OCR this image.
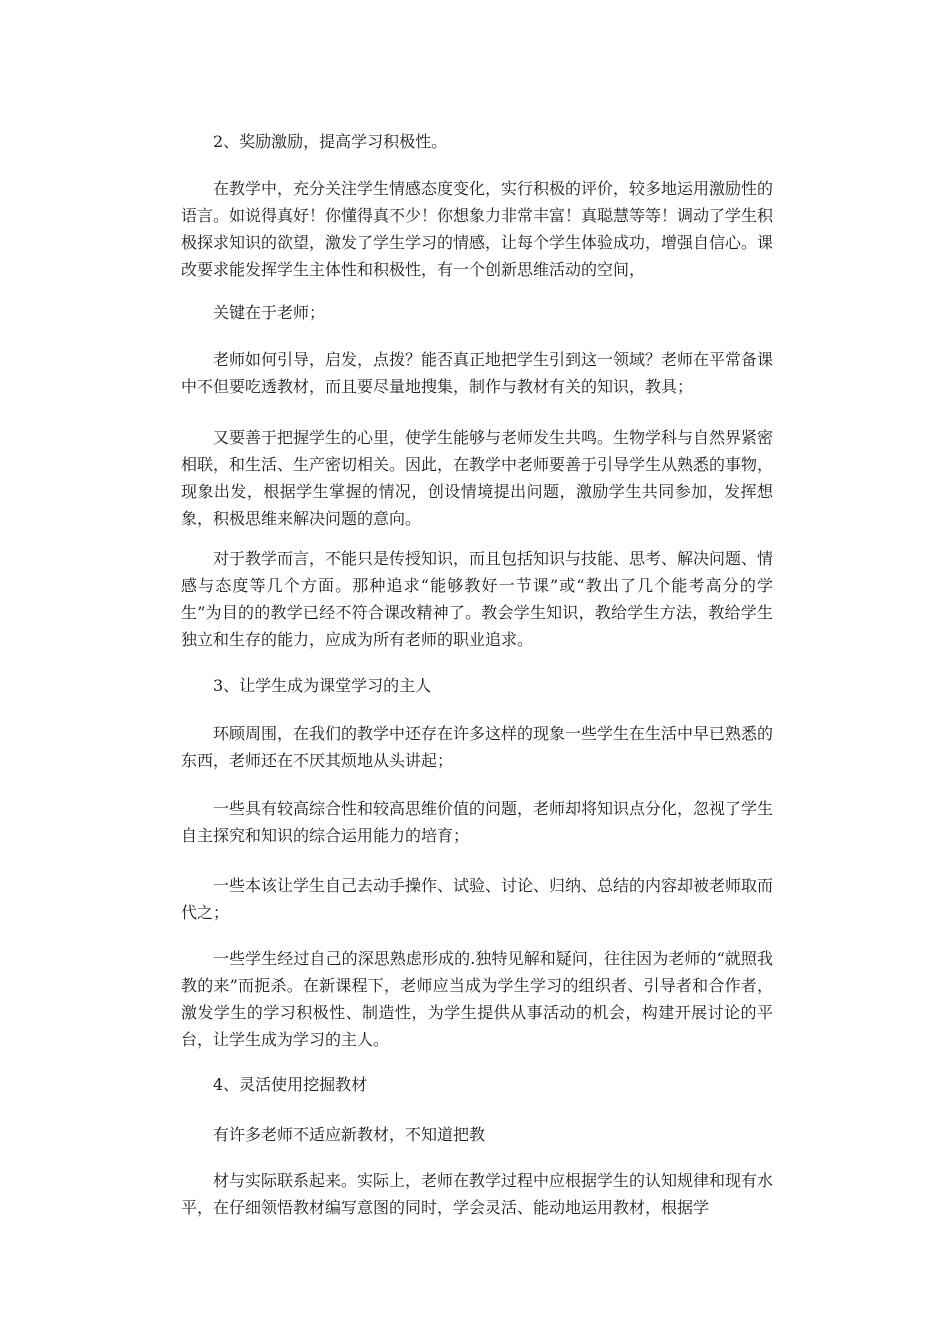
2、奖励激励，提高学习积极性。

在教学中，充分关注学生情感态度变化，实行积极的评价，较多地运用激励性的语言。如说得真好！你懂得真不少！你想象力非常丰富！真聪慧等等！调动了学生积极探求知识的欲望，激发了学生学习的情感，让每个学生体验成功，增强自信心。课改要求能发挥学生主体性和积极性，有一个创新思维活动的空间，

关键在于老师；

老师如何引导，启发，点拨？能否真正地把学生引到这一领域？老师在平常备课中不但要吃透教材，而且要尽量地搜集，制作与教材有关的知识，教具；

又要善于把握学生的心里，使学生能够与老师发生共鸣。生物学科与自然界紧密相联，和生活、生产密切相关。因此，在教学中老师要善于引导学生从熟悉的事物，现象出发，根据学生掌握的情况，创设情境提出问题，激励学生共同参加，发挥想象，积极思维来解决问题的意向。

对于教学而言，不能只是传授知识，而且包括知识与技能、思考、解决问题、情感与态度等几个方面。那种追求“能够教好一节课”或“教出了几个能考高分的学生”为目的的教学已经不符合课改精神了。教会学生知识，教给学生方法，教给学生独立和生存的能力，应成为所有老师的职业追求。

3、让学生成为课堂学习的主人

环顾周围，在我们的教学中还存在许多这样的现象一些学生在生活中早已熟悉的东西，老师还在不厌其烦地从头讲起；

一些具有较高综合性和较高思维价值的问题，老师却将知识点分化，忽视了学生自主探究和知识的综合运用能力的培育；

一些本该让学生自己去动手操作、试验、讨论、归纳、总结的内容却被老师取而代之；

一些学生经过自己的深思熟虑形成的.独特见解和疑问，往往因为老师的“就照我教的来”而扼杀。在新课程下，老师应当成为学生学习的组织者、引导者和合作者，激发学生的学习积极性、制造性，为学生提供从事活动的机会，构建开展讨论的平台，让学生成为学习的主人。

4、灵活使用挖掘教材

有许多老师不适应新教材，不知道把教

材与实际联系起来。实际上，老师在教学过程中应根据学生的认知规律和现有水平，在仔细领悟教材编写意图的同时，学会灵活、能动地运用教材，根据学
